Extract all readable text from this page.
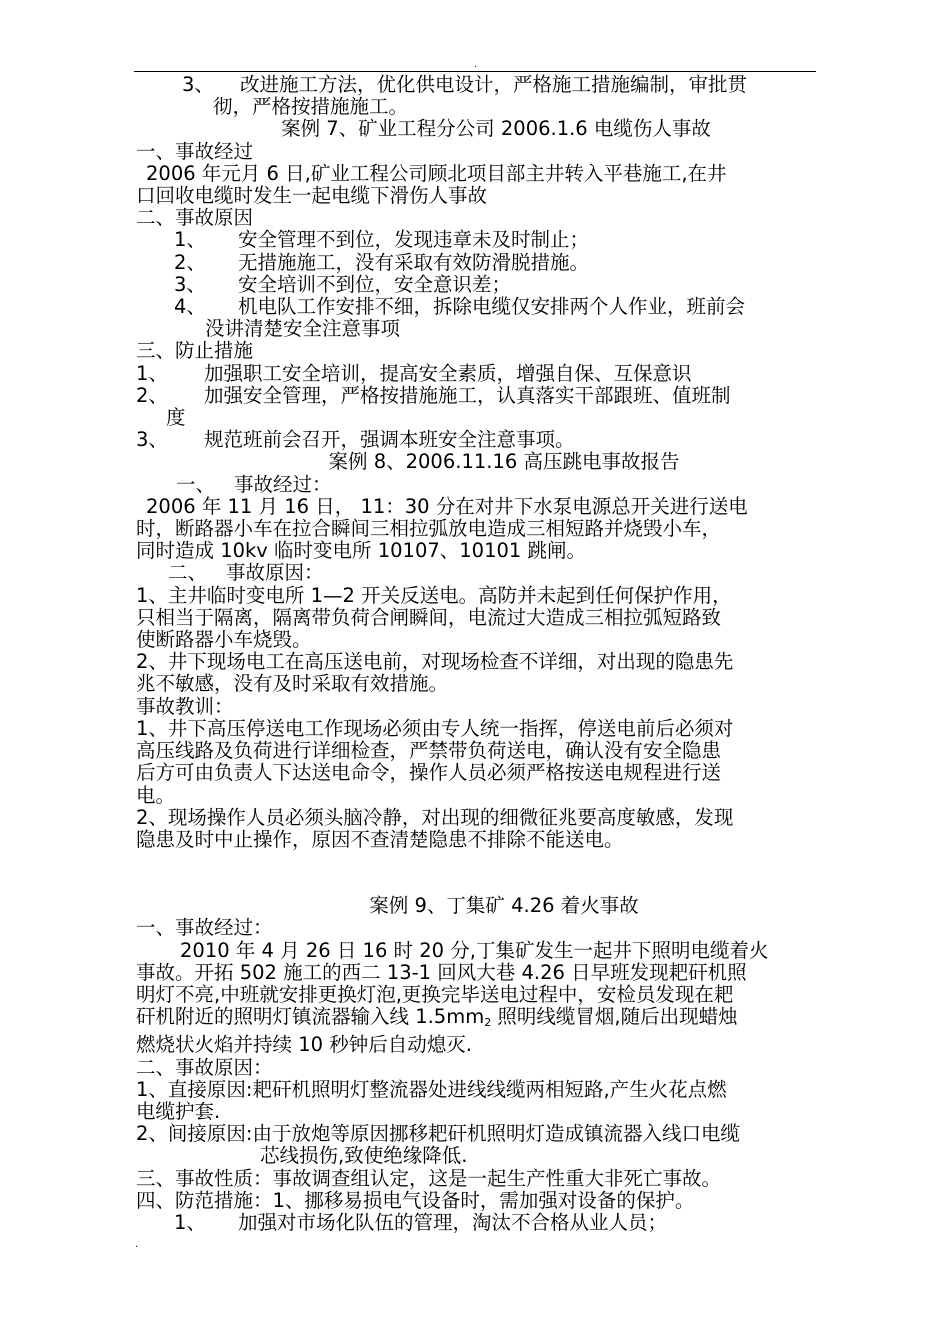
.

3、 改进施工方法，优化供电设计，严格施工措施编制，审批贯

彻，严格按措施施工。

案例 7、矿业工程分公司 2006.1.6 电缆伤人事故

一、事故经过

2006 年元月 6 日,矿业工程公司顾北项目部主井转入平巷施工,在井

口回收电缆时发生一起电缆下滑伤人事故

二、事故原因

1、 安全管理不到位，发现违章未及时制止；

2、 无措施施工，没有采取有效防滑脱措施。

3、 安全培训不到位，安全意识差；

4、 机电队工作安排不细，拆除电缆仅安排两个人作业，班前会

没讲清楚安全注意事项

三、防止措施

1、 加强职工安全培训，提高安全素质，增强自保、互保意识

2、 加强安全管理，严格按措施施工，认真落实干部跟班、值班制

度

3、 规范班前会召开，强调本班安全注意事项。

案例 8、2006.11.16 高压跳电事故报告

一、 事故经过：

2006 年 11 月 16 日， 11：30 分在对井下水泵电源总开关进行送电

时，断路器小车在拉合瞬间三相拉弧放电造成三相短路并烧毁小车，

同时造成 10kv 临时变电所 10107、10101 跳闸。

二、 事故原因：

1、主井临时变电所 1—2 开关反送电。高防并未起到任何保护作用，

只相当于隔离，隔离带负荷合闸瞬间，电流过大造成三相拉弧短路致

使断路器小车烧毁。

2、井下现场电工在高压送电前，对现场检查不详细，对出现的隐患先

兆不敏感，没有及时采取有效措施。

事故教训：

1、井下高压停送电工作现场必须由专人统一指挥，停送电前后必须对

高压线路及负荷进行详细检查，严禁带负荷送电，确认没有安全隐患

后方可由负责人下达送电命令，操作人员必须严格按送电规程进行送

电。

2、现场操作人员必须头脑冷静，对出现的细微征兆要高度敏感，发现

隐患及时中止操作，原因不查清楚隐患不排除不能送电。

案例 9、丁集矿 4.26 着火事故

一、事故经过：

2010 年 4 月 26 日 16 时 20 分,丁集矿发生一起井下照明电缆着火

事故。开拓 502 施工的西二 13-1 回风大巷 4.26 日早班发现耙矸机照

明灯不亮,中班就安排更换灯泡,更换完毕送电过程中，安检员发现在耙

矸机附近的照明灯镇流器输入线 $1.5mm_2$ 照明线缆冒烟,随后出现蜡烛

燃烧状火焰并持续 10 秒钟后自动熄灭.

二、事故原因：

1、直接原因:耙矸机照明灯整流器处进线线缆两相短路,产生火花点燃

电缆护套.

2、间接原因:由于放炮等原因挪移耙矸机照明灯造成镇流器入线口电缆

芯线损伤,致使绝缘降低.

三、事故性质：事故调查组认定，这是一起生产性重大非死亡事故。

四、防范措施：1、挪移易损电气设备时，需加强对设备的保护。

1、 加强对市场化队伍的管理，淘汰不合格从业人员；

.
